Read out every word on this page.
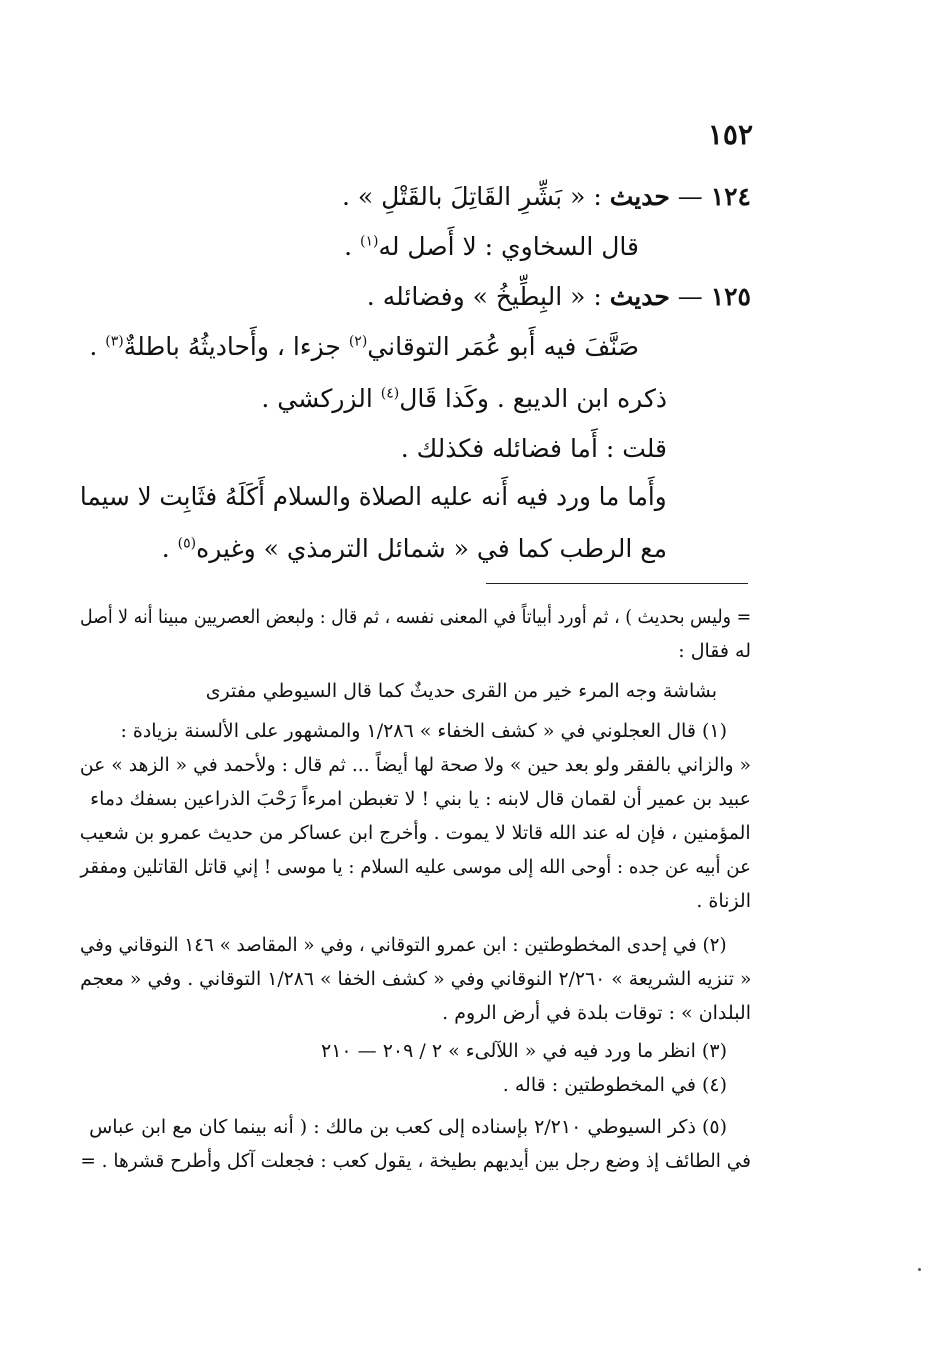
١٥٢
١٢٤ — حديث : « بَشِّرِ القَاتِلَ بالقَتْلِ » .
قال السخاوي : لا أَصل له$^{(١)}$ .
١٢٥ — حديث : « البِطِّيخُ » وفضائله .
صَنَّفَ فيه أَبو عُمَر التوقاني$^{(٢)}$ جزءا ، وأَحاديثُهُ باطلةٌ$^{(٣)}$ .
ذكره ابن الديبع . وكَذا قَال$^{(٤)}$ الزركشي .
قلت : أَما فضائله فكذلك .
وأَما ما ورد فيه أَنه عليه الصلاة والسلام أَكَلَهُ فثَابِت لا سيما
مع الرطب كما في « شمائل الترمذي » وغيره$^{(٥)}$ .
= وليس بحديث ) ، ثم أورد أبياتاً في المعنى نفسه ، ثم قال : ولبعض العصريين مبينا أنه لا أصل
له فقال :
بشاشة وجه المرء خير من القرى حديثٌ كما قال السيوطي مفترى
(١) قال العجلوني في « كشف الخفاء » ١/٢٨٦ والمشهور على الألسنة بزيادة :
« والزاني بالفقر ولو بعد حين » ولا صحة لها أيضاً ... ثم قال : ولأحمد في « الزهد » عن
عبيد بن عمير أن لقمان قال لابنه : يا بني ! لا تغبطن امرءاً رَحْبَ الذراعين بسفك دماء
المؤمنين ، فإن له عند الله قاتلا لا يموت . وأخرج ابن عساكر من حديث عمرو بن شعيب
عن أبيه عن جده : أوحى الله إلى موسى عليه السلام : يا موسى ! إني قاتل القاتلين ومفقر
الزناة .
(٢) في إحدى المخطوطتين : ابن عمرو التوقاني ، وفي « المقاصد » ١٤٦ النوقاني وفي
« تنزيه الشريعة » ٢/٢٦٠ النوقاني وفي « كشف الخفا » ١/٢٨٦ التوقاني . وفي « معجم
البلدان » : توقات بلدة في أرض الروم .
(٣) انظر ما ورد فيه في « اللآلىء » ٢ / ٢٠٩ — ٢١٠
(٤) في المخطوطتين : قاله .
(٥) ذكر السيوطي ٢/٢١٠ بإسناده إلى كعب بن مالك : ( أنه بينما كان مع ابن عباس
في الطائف إذ وضع رجل بين أيديهم بطيخة ، يقول كعب : فجعلت آكل وأطرح قشرها . =
